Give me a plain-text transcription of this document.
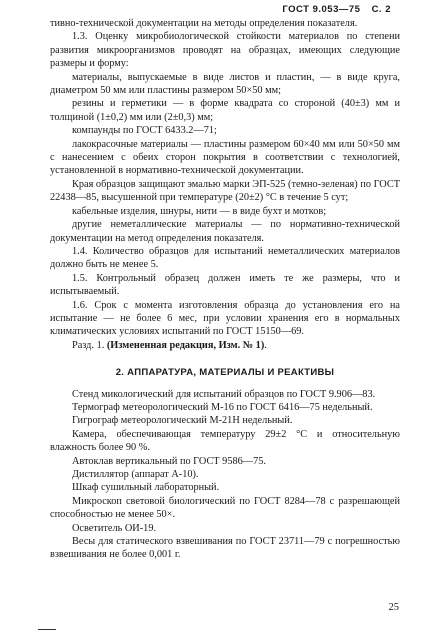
ГОСТ 9.053—75 С. 2

тивно-технической документации на методы определения показателя.

1.3. Оценку микробиологической стойкости материалов по степени развития микроорганизмов проводят на образцах, имеющих следующие размеры и форму:

материалы, выпускаемые в виде листов и пластин, — в виде круга, диаметром 50 мм или пластины размером 50×50 мм;

резины и герметики — в форме квадрата со стороной (40±3) мм и толщиной (1±0,2) мм или (2±0,3) мм;

компаунды по ГОСТ 6433.2—71;

лакокрасочные материалы — пластины размером 60×40 мм или 50×50 мм с нанесением с обеих сторон покрытия в соответствии с технологией, установленной в нормативно-технической документации.

Края образцов защищают эмалью марки ЭП-525 (темно-зеленая) по ГОСТ 22438—85, высушенной при температуре (20±2) °С в течение 5 сут;

кабельные изделия, шнуры, нити — в виде бухт и мотков;

другие неметаллические материалы — по нормативно-технической документации на метод определения показателя.

1.4. Количество образцов для испытаний неметаллических материалов должно быть не менее 5.

1.5. Контрольный образец должен иметь те же размеры, что и испытываемый.

1.6. Срок с момента изготовления образца до установления его на испытание — не более 6 мес, при условии хранения его в нормальных климатических условиях испытаний по ГОСТ 15150—69.

Разд. 1. (Измененная редакция, Изм. № 1).

2. АППАРАТУРА, МАТЕРИАЛЫ И РЕАКТИВЫ

Стенд микологический для испытаний образцов по ГОСТ 9.906—83.

Термограф метеорологический М-16 по ГОСТ 6416—75 недельный.

Гигрограф метеорологический М-21Н недельный.

Камера, обеспечивающая температуру 29±2 °С и относительную влажность более 90 %.

Автоклав вертикальный по ГОСТ 9586—75.

Дистиллятор (аппарат А-10).

Шкаф сушильный лабораторный.

Микроскоп световой биологический по ГОСТ 8284—78 с разрешающей способностью не менее 50×.

Осветитель ОИ-19.

Весы для статического взвешивания по ГОСТ 23711—79 с погрешностью взвешивания не более 0,001 г.

25
